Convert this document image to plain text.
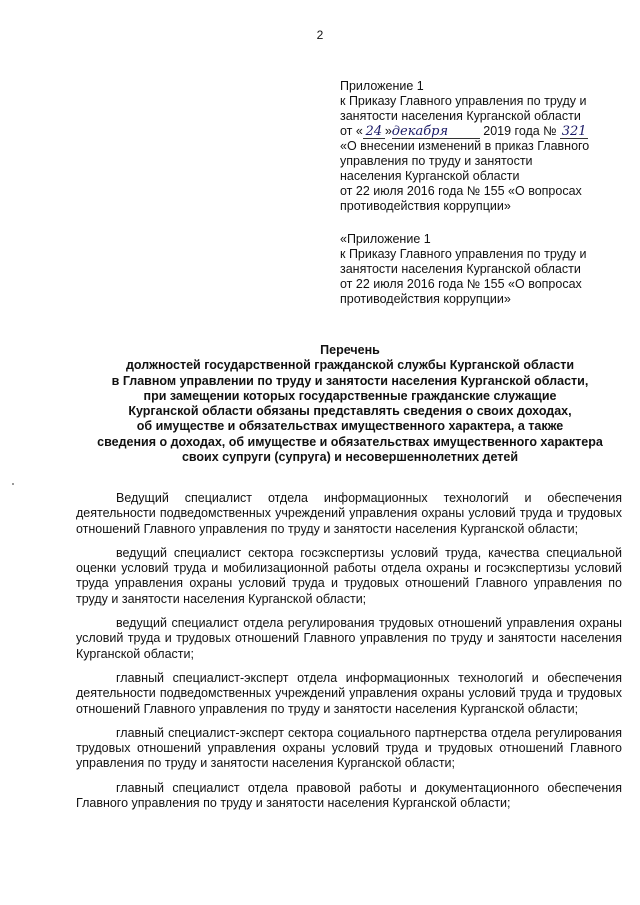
2
Приложение 1
к Приказу Главного управления по труду и
занятости населения Курганской области
от « 24 »декабря	2019 года № 321
«О внесении изменений в приказ Главного
управления по труду и занятости
населения Курганской области
от 22 июля 2016 года № 155 «О вопросах
противодействия коррупции»
«Приложение 1
к Приказу Главного управления по труду и
занятости населения Курганской области
от 22 июля 2016 года № 155 «О вопросах
противодействия коррупции»
Перечень
должностей государственной гражданской службы Курганской области
в Главном управлении по труду и занятости населения Курганской области,
при замещении которых государственные гражданские служащие
Курганской области обязаны представлять сведения о своих доходах,
об имуществе и обязательствах имущественного характера, а также
сведения о доходах, об имуществе и обязательствах имущественного характера
своих супруги (супруга) и несовершеннолетних детей

Ведущий специалист отдела информационных технологий и обеспечения деятельности подведомственных учреждений управления охраны условий труда и трудовых отношений Главного управления по труду и занятости населения Курганской области;

ведущий специалист сектора госэкспертизы условий труда, качества специальной оценки условий труда и мобилизационной работы отдела охраны и госэкспертизы условий труда управления охраны условий труда и трудовых отношений Главного управления по труду и занятости населения Курганской области;

ведущий специалист отдела регулирования трудовых отношений управления охраны условий труда и трудовых отношений Главного управления по труду и занятости населения Курганской области;

главный специалист-эксперт отдела информационных технологий и обеспечения деятельности подведомственных учреждений управления охраны условий труда и трудовых отношений Главного управления по труду и занятости населения Курганской области;

главный специалист-эксперт сектора социального партнерства отдела регулирования трудовых отношений управления охраны условий труда и трудовых отношений Главного управления по труду и занятости населения Курганской области;

главный специалист отдела правовой работы и документационного обеспечения Главного управления по труду и занятости населения Курганской области;
